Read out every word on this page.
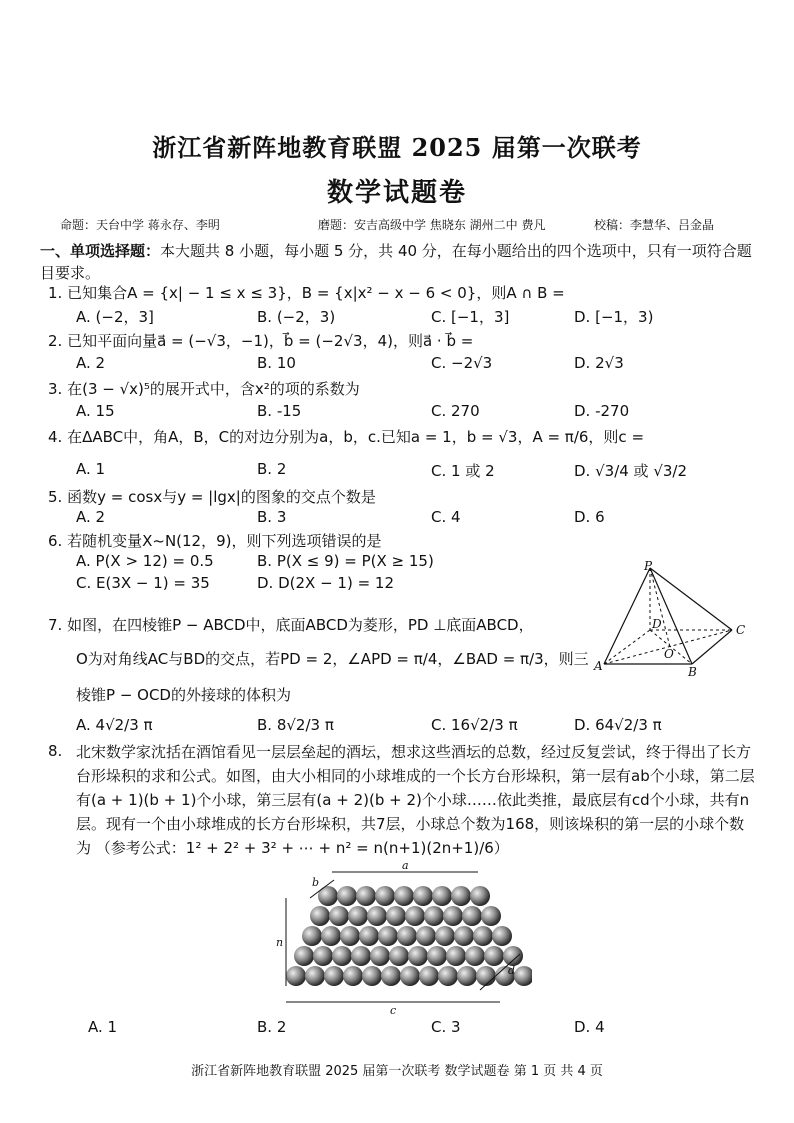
浙江省新阵地教育联盟 2025 届第一次联考
数学试题卷
命题：天台中学 蒋永存、李明	磨题：安吉高级中学 焦晓东 湖州二中 费凡	校稿：李慧华、吕金晶
一、单项选择题：本大题共 8 小题，每小题 5 分，共 40 分，在每小题给出的四个选项中，只有一项符合题目要求。
1. 已知集合A = {x| − 1 ≤ x ≤ 3}，B = {x|x² − x − 6 < 0}，则A ∩ B =
A. (−2，3]	B. (−2，3)	C. [−1，3]	D. [−1，3)
2. 已知平面向量a⃗ = (−√3，−1)，b⃗ = (−2√3，4)，则a⃗ · b⃗ =
A. 2	B. 10	C. −2√3	D. 2√3
3. 在(3 − √x)⁵的展开式中，含x²的项的系数为
A. 15	B. -15	C. 270	D. -270
4. 在ΔABC中，角A，B，C的对边分别为a，b，c.已知a = 1，b = √3，A = π/6，则c =
A. 1	B. 2	C. 1 或 2	D. √3/4 或 √3/2
5. 函数y = cosx与y = |lgx|的图象的交点个数是
A. 2	B. 3	C. 4	D. 6
6. 若随机变量X~N(12，9)，则下列选项错误的是
A. P(X > 12) = 0.5	B. P(X ≤ 9) = P(X ≥ 15)
C. E(3X − 1) = 35	D. D(2X − 1) = 12
P
A	B
C
D
O
7. 如图，在四棱锥P − ABCD中，底面ABCD为菱形，PD ⊥底面ABCD，
O为对角线AC与BD的交点，若PD = 2，∠APD = π/4，∠BAD = π/3，则三
棱锥P − OCD的外接球的体积为
A. 4√2/3 π	B. 8√2/3 π	C. 16√2/3 π	D. 64√2/3 π
8. 北宋数学家沈括在酒馆看见一层层垒起的酒坛，想求这些酒坛的总数，经过反复尝试，终于得出了长方台形垛积的求和公式。如图，由大小相同的小球堆成的一个长方台形垛积，第一层有ab个小球，第二层有(a + 1)(b + 1)个小球，第三层有(a + 2)(b + 2)个小球……依此类推，最底层有cd个小球，共有n层。现有一个由小球堆成的长方台形垛积，共7层，小球总个数为168，则该垛积的第一层的小球个数为 （参考公式：1² + 2² + 3² + ⋯ + n² = n(n+1)(2n+1)/6）
a
b
n
c
d
A. 1	B. 2	C. 3	D. 4
浙江省新阵地教育联盟 2025 届第一次联考 数学试题卷 第 1 页 共 4 页
